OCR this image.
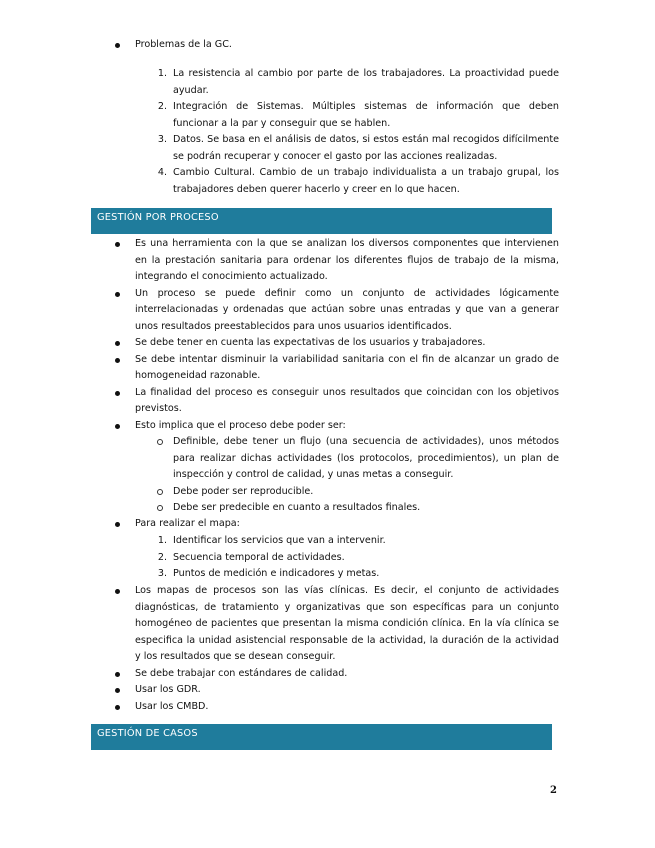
Problemas de la GC.
1. La resistencia al cambio por parte de los trabajadores. La proactividad puede ayudar.
2. Integración de Sistemas. Múltiples sistemas de información que deben funcionar a la par y conseguir que se hablen.
3. Datos. Se basa en el análisis de datos, si estos están mal recogidos difícilmente se podrán recuperar y conocer el gasto por las acciones realizadas.
4. Cambio Cultural. Cambio de un trabajo individualista a un trabajo grupal, los trabajadores deben querer hacerlo y creer en lo que hacen.
GESTIÓN POR PROCESO
Es una herramienta con la que se analizan los diversos componentes que intervienen en la prestación sanitaria para ordenar los diferentes flujos de trabajo de la misma, integrando el conocimiento actualizado.
Un proceso se puede definir como un conjunto de actividades lógicamente interrelacionadas y ordenadas que actúan sobre unas entradas y que van a generar unos resultados preestablecidos para unos usuarios identificados.
Se debe tener en cuenta las expectativas de los usuarios y trabajadores.
Se debe intentar disminuir la variabilidad sanitaria con el fin de alcanzar un grado de homogeneidad razonable.
La finalidad del proceso es conseguir unos resultados que coincidan con los objetivos previstos.
Esto implica que el proceso debe poder ser:
Definible, debe tener un flujo (una secuencia de actividades), unos métodos para realizar dichas actividades (los protocolos, procedimientos), un plan de inspección y control de calidad, y unas metas a conseguir.
Debe poder ser reproducible.
Debe ser predecible en cuanto a resultados finales.
Para realizar el mapa:
1. Identificar los servicios que van a intervenir.
2. Secuencia temporal de actividades.
3. Puntos de medición e indicadores y metas.
Los mapas de procesos son las vías clínicas. Es decir, el conjunto de actividades diagnósticas, de tratamiento y organizativas que son específicas para un conjunto homogéneo de pacientes que presentan la misma condición clínica. En la vía clínica se especifica la unidad asistencial responsable de la actividad, la duración de la actividad y los resultados que se desean conseguir.
Se debe trabajar con estándares de calidad.
Usar los GDR.
Usar los CMBD.
GESTIÓN DE CASOS
2
